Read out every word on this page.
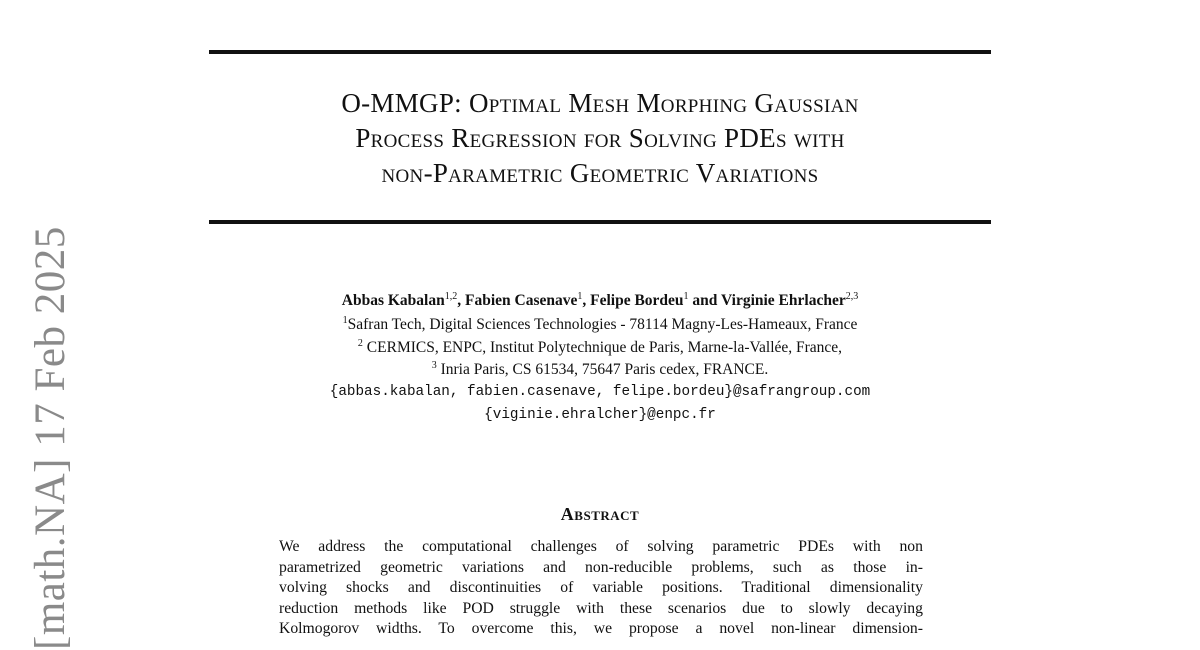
[math.NA] 17 Feb 2025
O-MMGP: Optimal Mesh Morphing Gaussian
Process Regression for Solving PDEs with
non-Parametric Geometric Variations
Abbas Kabalan$^{1,2}$, Fabien Casenave$^1$, Felipe Bordeu$^1$ and Virginie Ehrlacher$^{2,3}$
$^1$Safran Tech, Digital Sciences Technologies - 78114 Magny-Les-Hameaux, France
$^2$ CERMICS, ENPC, Institut Polytechnique de Paris, Marne-la-Vallée, France,
$^3$ Inria Paris, CS 61534, 75647 Paris cedex, FRANCE.
{abbas.kabalan, fabien.casenave, felipe.bordeu}@safrangroup.com
{viginie.ehralcher}@enpc.fr
Abstract
We address the computational challenges of solving parametric PDEs with non
parametrized geometric variations and non-reducible problems, such as those in-
volving shocks and discontinuities of variable positions. Traditional dimensionality
reduction methods like POD struggle with these scenarios due to slowly decaying
Kolmogorov widths. To overcome this, we propose a novel non-linear dimension-
